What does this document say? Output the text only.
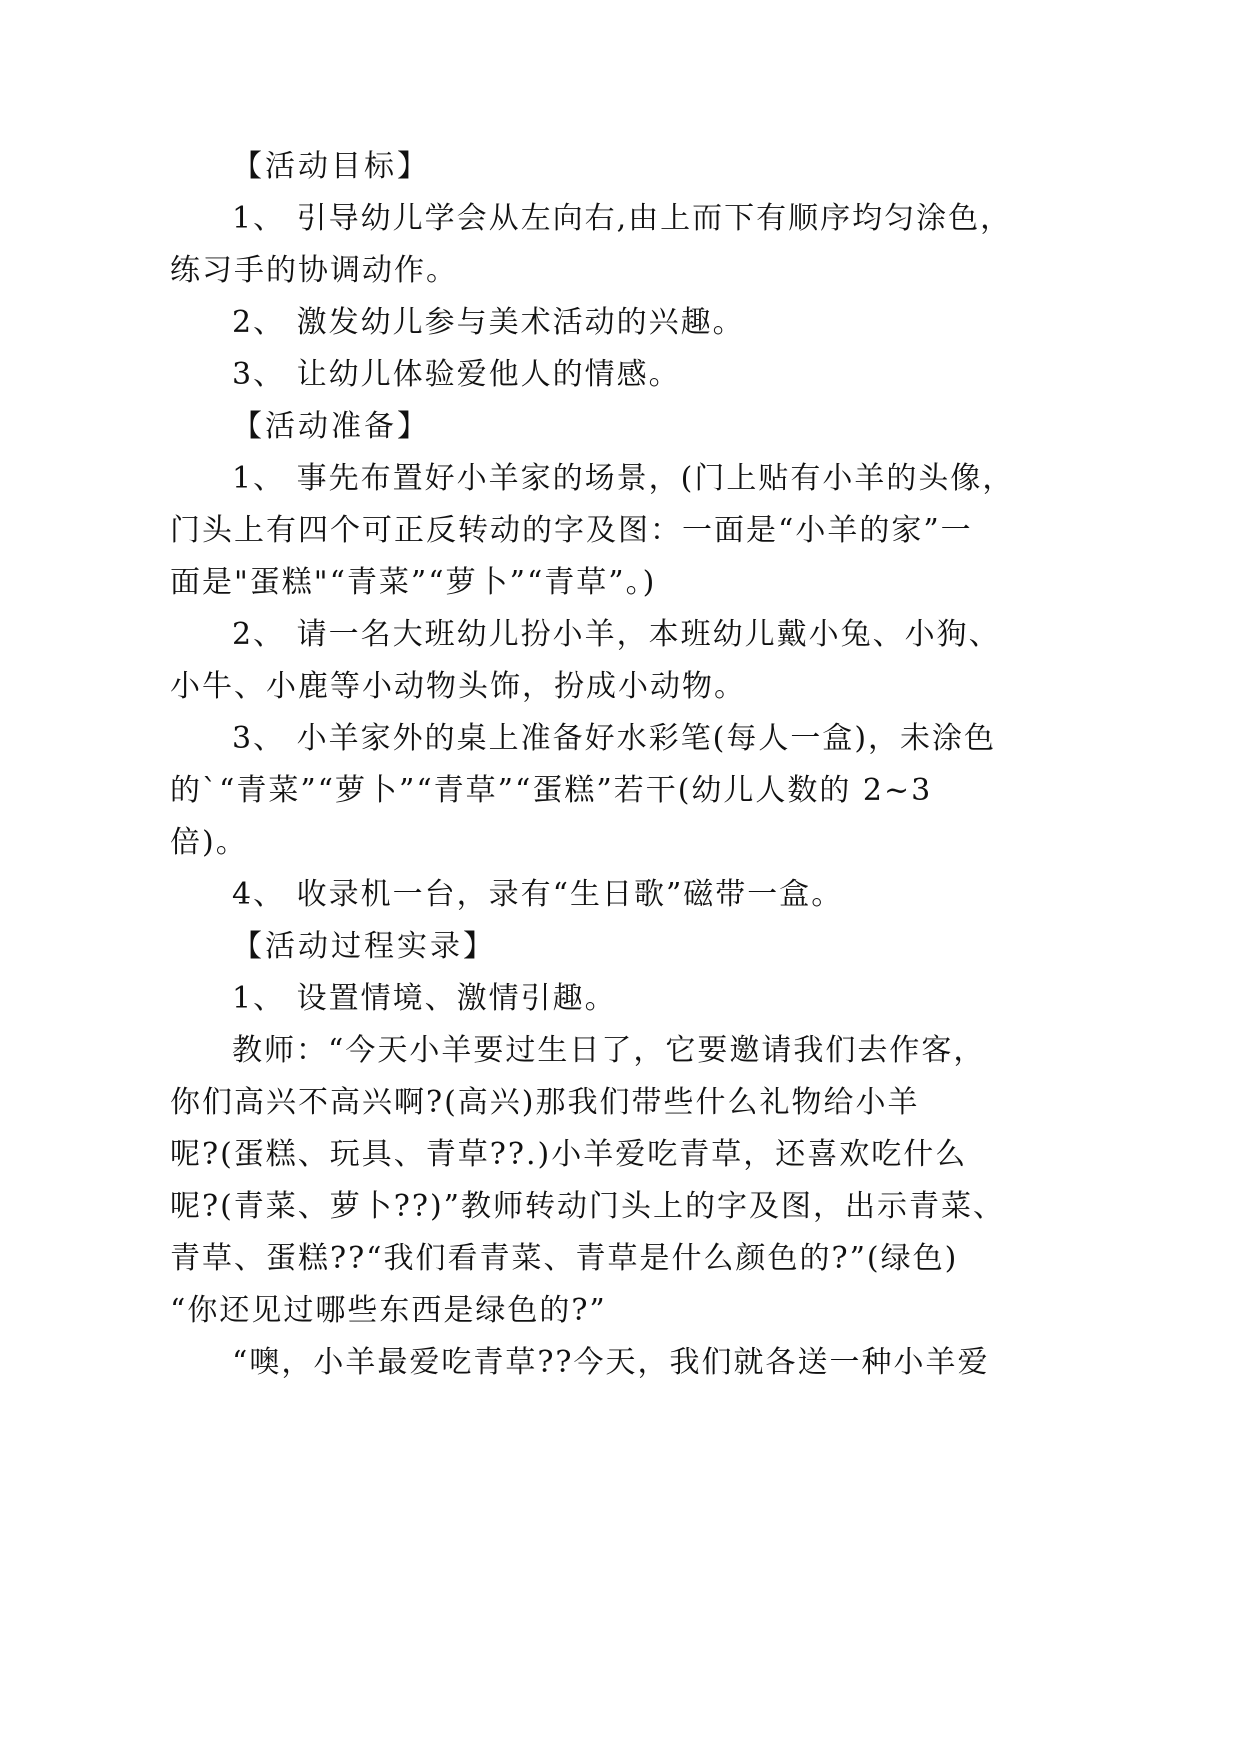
【活动目标】
1、 引导幼儿学会从左向右,由上而下有顺序均匀涂色，
练习手的协调动作。
2、 激发幼儿参与美术活动的兴趣。
3、 让幼儿体验爱他人的情感。
【活动准备】
1、 事先布置好小羊家的场景，(门上贴有小羊的头像，
门头上有四个可正反转动的字及图：一面是“小羊的家”一
面是"蛋糕"“青菜”“萝卜”“青草”。)
2、 请一名大班幼儿扮小羊，本班幼儿戴小兔、小狗、
小牛、小鹿等小动物头饰，扮成小动物。
3、 小羊家外的桌上准备好水彩笔(每人一盒)，未涂色
的`“青菜”“萝卜”“青草”“蛋糕”若干(幼儿人数的 2~3
倍)。
4、 收录机一台，录有“生日歌”磁带一盒。
【活动过程实录】
1、 设置情境、激情引趣。
教师：“今天小羊要过生日了，它要邀请我们去作客，
你们高兴不高兴啊?(高兴)那我们带些什么礼物给小羊
呢?(蛋糕、玩具、青草??.)小羊爱吃青草，还喜欢吃什么
呢?(青菜、萝卜??)”教师转动门头上的字及图，出示青菜、
青草、蛋糕??“我们看青菜、青草是什么颜色的?”(绿色)
“你还见过哪些东西是绿色的?”
“噢，小羊最爱吃青草??今天，我们就各送一种小羊爱
